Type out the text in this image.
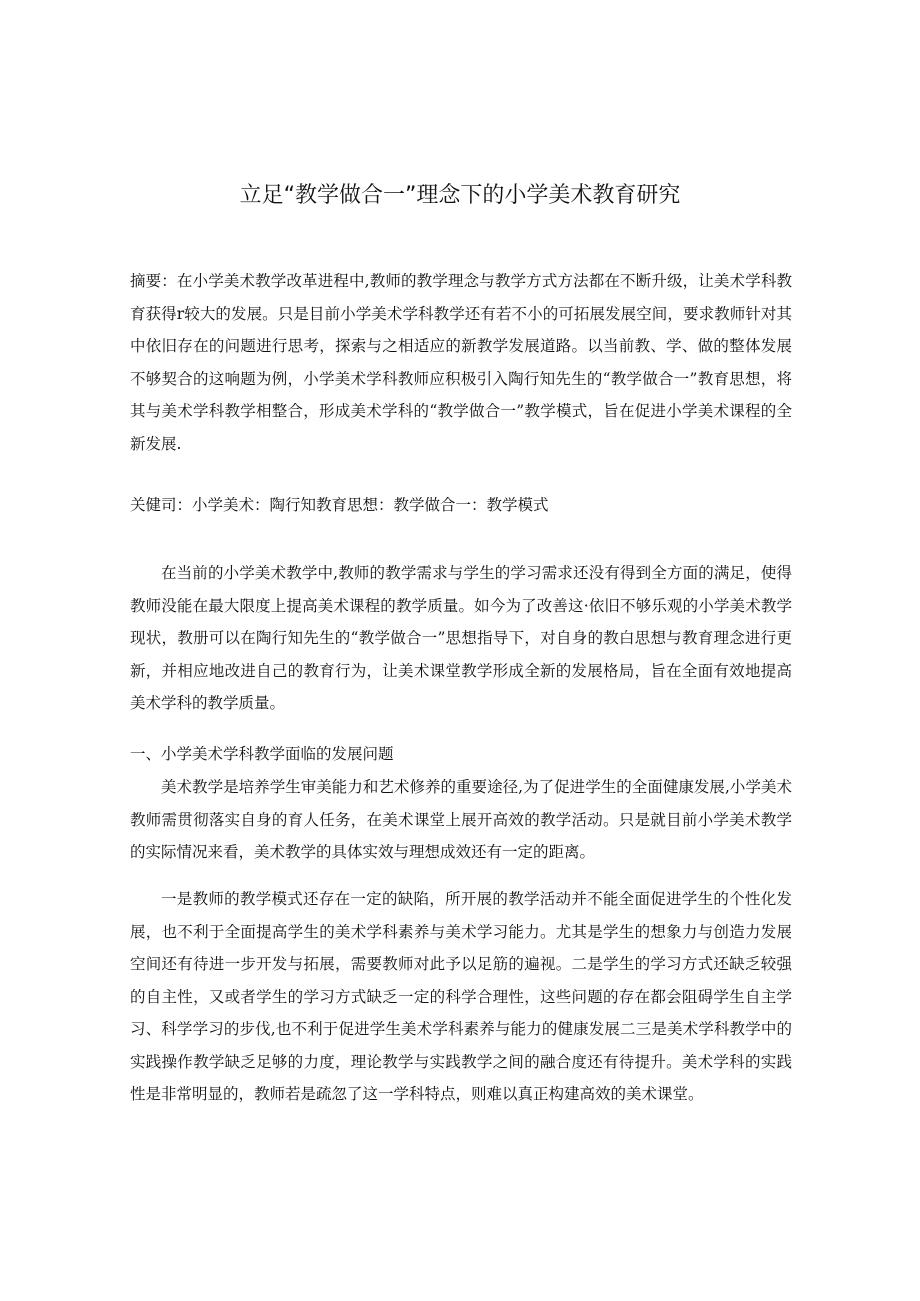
立足“教学做合一”理念下的小学美术教育研究

摘要：在小学美术教学改革进程中,教师的教学理念与教学方式方法都在不断升级，让美术学科教育获得r较大的发展。只是目前小学美术学科教学还有若不小的可拓展发展空间，要求教师针对其中依旧存在的问题进行思考，探索与之相适应的新教学发展道路。以当前教、学、做的整体发展不够契合的这响题为例，小学美术学科教师应积极引入陶行知先生的“教学做合一”教育思想，将其与美术学科教学相整合，形成美术学科的“教学做合一”教学模式，旨在促进小学美术课程的全新发展.

关健司：小学美术：陶行知教育思想：教学做合一：教学模式

在当前的小学美术教学中,教师的教学需求与学生的学习需求还没有得到全方面的满足，使得教师没能在最大限度上提高美术课程的教学质量。如今为了改善这·依旧不够乐观的小学美术教学现状，教册可以在陶行知先生的“教学做合一”思想指导下，对自身的教白思想与教育理念进行更新，并相应地改进自己的教育行为，让美术课堂教学形成全新的发展格局，旨在全面有效地提高美术学科的教学质量。

一、小学美术学科教学面临的发展问题

美术教学是培养学生审美能力和艺术修养的重要途径,为了促进学生的全面健康发展,小学美术教师需贯彻落实自身的育人任务，在美术课堂上展开高效的教学活动。只是就目前小学美术教学的实际情况来看，美术教学的具体实效与理想成效还有一定的距离。

一是教师的教学模式还存在一定的缺陷，所开展的教学活动并不能全面促进学生的个性化发展，也不利于全面提高学生的美术学科素养与美术学习能力。尤其是学生的想象力与创造力发展空间还有待进一步开发与拓展，需要教师对此予以足筋的遍视。二是学生的学习方式还缺乏较强的自主性，又或者学生的学习方式缺乏一定的科学合理性，这些问题的存在都会阻碍学生自主学习、科学学习的步伐,也不利于促进学生美术学科素养与能力的健康发展二三是美术学科教学中的实践操作教学缺乏足够的力度，理论教学与实践教学之间的融合度还有待提升。美术学科的实践性是非常明显的，教师若是疏忽了这一学科特点，则难以真正构建高效的美术课堂。
